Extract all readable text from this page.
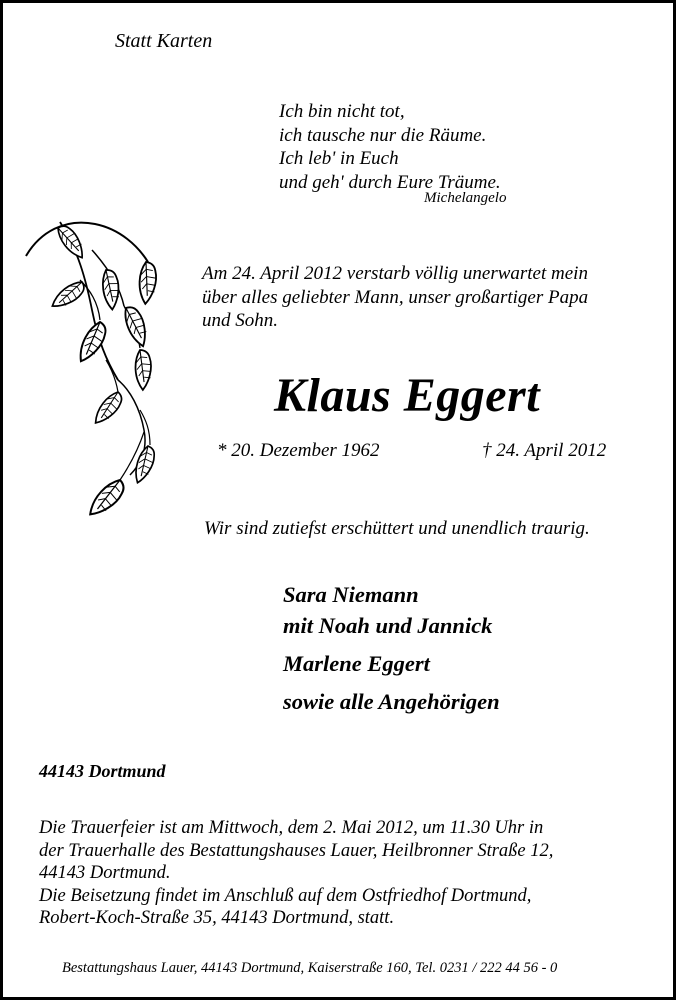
Statt Karten
Ich bin nicht tot,
ich tausche nur die Räume.
Ich leb' in Euch
und geh' durch Eure Träume.
Michelangelo
Am 24. April 2012 verstarb völlig unerwartet mein
über alles geliebter Mann, unser großartiger Papa
und Sohn.
Klaus Eggert
* 20. Dezember 1962	† 24. April 2012
Wir sind zutiefst erschüttert und unendlich traurig.
Sara Niemann
mit Noah und Jannick
Marlene Eggert
sowie alle Angehörigen
44143 Dortmund
Die Trauerfeier ist am Mittwoch, dem 2. Mai 2012, um 11.30 Uhr in
der Trauerhalle des Bestattungshauses Lauer, Heilbronner Straße 12,
44143 Dortmund.
Die Beisetzung findet im Anschluß auf dem Ostfriedhof Dortmund,
Robert-Koch-Straße 35, 44143 Dortmund, statt.
Bestattungshaus Lauer, 44143 Dortmund, Kaiserstraße 160, Tel. 0231 / 222 44 56 - 0
